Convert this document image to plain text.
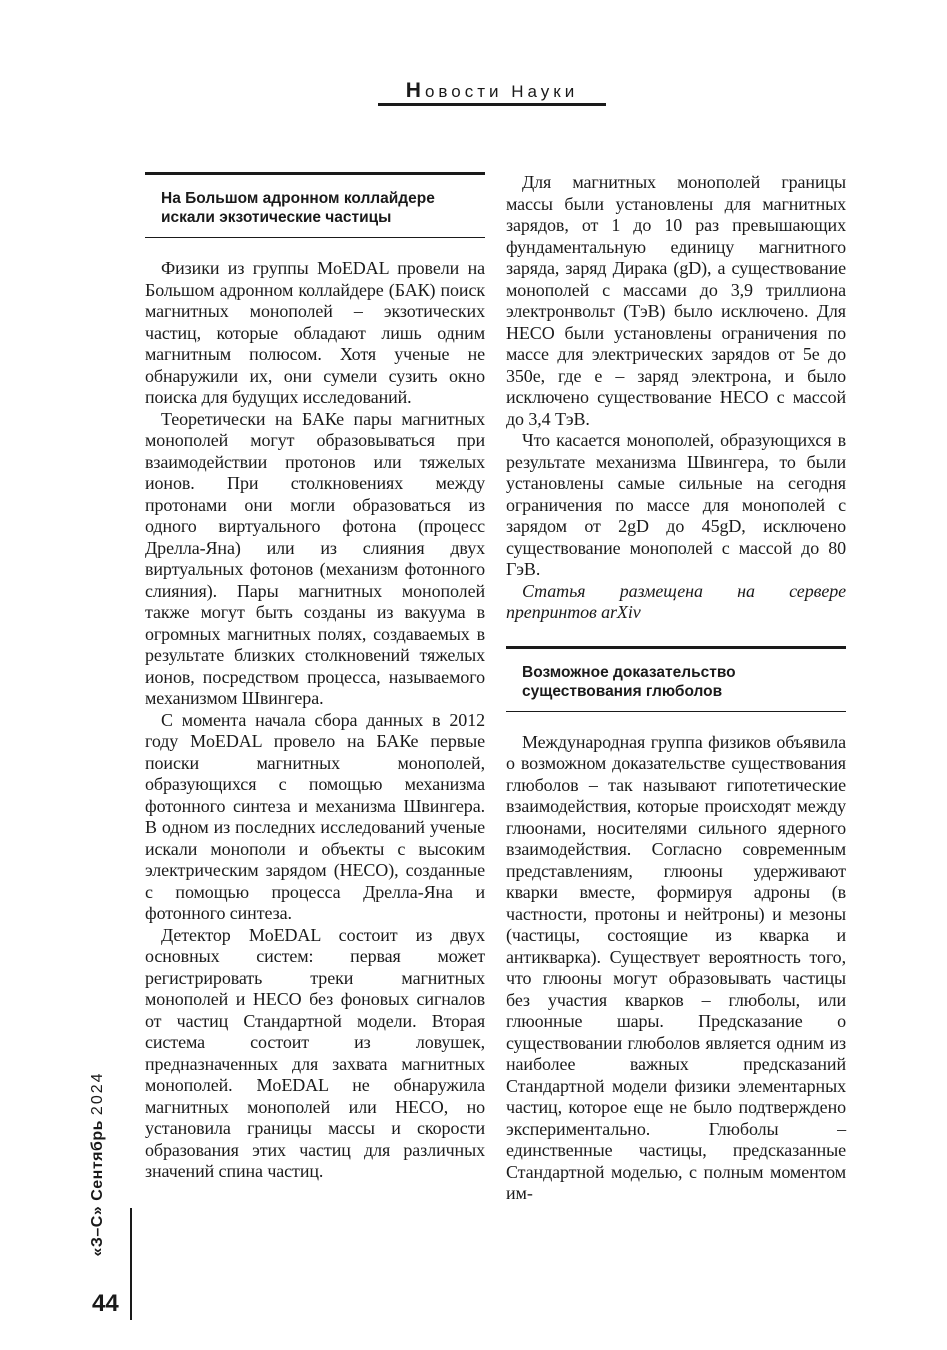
Новости Науки
На Большом адронном коллайдере
искали экзотические частицы

Физики из группы MoEDAL провели на Большом адронном коллайдере (БАК) поиск магнитных монополей – экзотических частиц, которые обладают лишь одним магнитным полюсом. Хотя ученые не обнаружили их, они сумели сузить окно поиска для будущих исследований.

Теоретически на БАКе пары магнитных монополей могут образовываться при взаимодействии протонов или тяжелых ионов. При столкновениях между протонами они могли образоваться из одного виртуального фотона (процесс Дрелла-Яна) или из слияния двух виртуальных фотонов (механизм фотонного слияния). Пары магнитных монополей также могут быть созданы из вакуума в огромных магнитных полях, создаваемых в результате близких столкновений тяжелых ионов, посредством процесса, называемого механизмом Швингера.

С момента начала сбора данных в 2012 году MoEDAL провело на БАКе первые поиски магнитных монополей, образующихся с помощью механизма фотонного синтеза и механизма Швингера. В одном из последних исследований ученые искали монополи и объекты с высоким электрическим зарядом (HECO), созданные с помощью процесса Дрелла-Яна и фотонного синтеза.

Детектор MoEDAL состоит из двух основных систем: первая может регистрировать треки магнитных монополей и HECO без фоновых сигналов от частиц Стандартной модели. Вторая система состоит из ловушек, предназначенных для захвата магнитных монополей. MoEDAL не обнаружила магнитных монополей или HECO, но установила границы массы и скорости образования этих частиц для различных значений спина частиц.

Для магнитных монополей границы массы были установлены для магнитных зарядов, от 1 до 10 раз превышающих фундаментальную единицу магнитного заряда, заряд Дирака (gD), а существование монополей с массами до 3,9 триллиона электронвольт (ТэВ) было исключено. Для HECO были установлены ограничения по массе для электрических зарядов от 5e до 350e, где e – заряд электрона, и было исключено существование HECO с массой до 3,4 ТэВ.

Что касается монополей, образующихся в результате механизма Швингера, то были установлены самые сильные на сегодня ограничения по массе для монополей с зарядом от 2gD до 45gD, исключено существование монополей с массой до 80 ГэВ.

Статья размещена на сервере препринтов arXiv

Возможное доказательство
существования глюболов

Международная группа физиков объявила о возможном доказательстве существования глюболов – так называют гипотетические взаимодействия, которые происходят между глюонами, носителями сильного ядерного взаимодействия. Согласно современным представлениям, глюоны удерживают кварки вместе, формируя адроны (в частности, протоны и нейтроны) и мезоны (частицы, состоящие из кварка и антикварка). Существует вероятность того, что глюоны могут образовывать частицы без участия кварков – глюболы, или глюонные шары. Предсказание о существовании глюболов является одним из наиболее важных предсказаний Стандартной модели физики элементарных частиц, которое еще не было подтверждено экспериментально. Глюболы – единственные частицы, предсказанные Стандартной моделью, с полным моментом им-

«З–С» Сентябрь 2024
44
